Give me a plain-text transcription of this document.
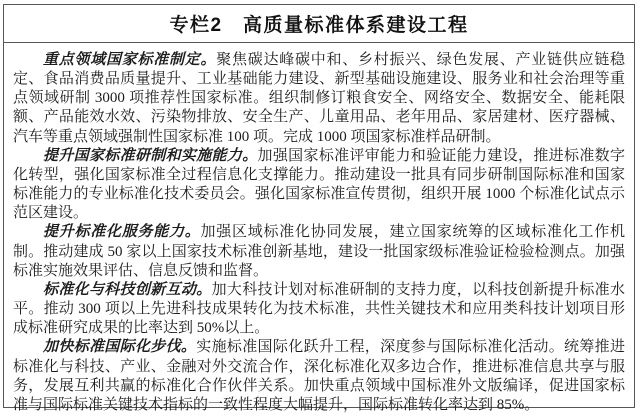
专栏2　高质量标准体系建设工程

重点领域国家标准制定。聚焦碳达峰碳中和、乡村振兴、绿色发展、产业链供应链稳定、食品消费品质量提升、工业基础能力建设、新型基础设施建设、服务业和社会治理等重点领域研制 3000 项推荐性国家标准。组织制修订粮食安全、网络安全、数据安全、能耗限额、产品能效水效、污染物排放、安全生产、儿童用品、老年用品、家居建材、医疗器械、汽车等重点领域强制性国家标准 100 项。完成 1000 项国家标准样品研制。

提升国家标准研制和实施能力。加强国家标准评审能力和验证能力建设，推进标准数字化转型，强化国家标准全过程信息化支撑能力。推动建设一批具有同步研制国际标准和国家标准能力的专业标准化技术委员会。强化国家标准宣传贯彻，组织开展 1000 个标准化试点示范区建设。

提升标准化服务能力。加强区域标准化协同发展，建立国家统筹的区域标准化工作机制。推动建成 50 家以上国家技术标准创新基地，建设一批国家级标准验证检验检测点。加强标准实施效果评估、信息反馈和监督。

标准化与科技创新互动。加大科技计划对标准研制的支持力度，以科技创新提升标准水平。推动 300 项以上先进科技成果转化为技术标准，共性关键技术和应用类科技计划项目形成标准研究成果的比率达到 50%以上。

加快标准国际化步伐。实施标准国际化跃升工程，深度参与国际标准化活动。统筹推进标准化与科技、产业、金融对外交流合作，深化标准化双多边合作，推进标准信息共享与服务，发展互利共赢的标准化合作伙伴关系。加快重点领域中国标准外文版编译，促进国家标准与国际标准关键技术指标的一致性程度大幅提升，国际标准转化率达到 85%。
